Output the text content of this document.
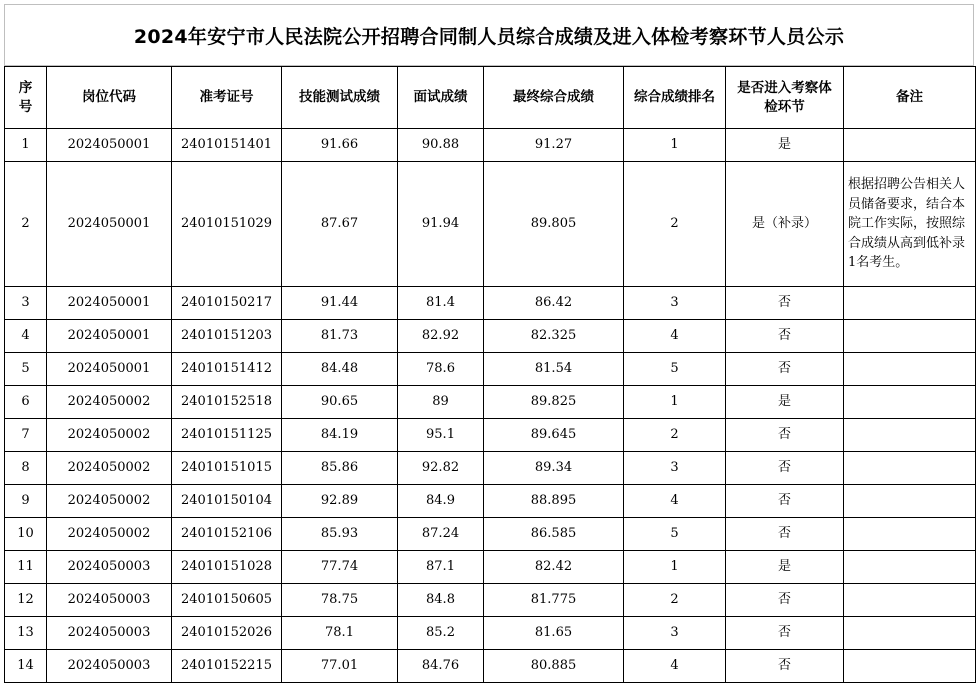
2024年安宁市人民法院公开招聘合同制人员综合成绩及进入体检考察环节人员公示
序号	岗位代码	准考证号	技能测试成绩	面试成绩	最终综合成绩	综合成绩排名	是否进入考察体检环节	备注
1	2024050001	24010151401	91.66	90.88	91.27	1	是	
2	2024050001	24010151029	87.67	91.94	89.805	2	是（补录）	根据招聘公告相关人员储备要求，结合本院工作实际，按照综合成绩从高到低补录1名考生。
3	2024050001	24010150217	91.44	81.4	86.42	3	否	
4	2024050001	24010151203	81.73	82.92	82.325	4	否	
5	2024050001	24010151412	84.48	78.6	81.54	5	否	
6	2024050002	24010152518	90.65	89	89.825	1	是	
7	2024050002	24010151125	84.19	95.1	89.645	2	否	
8	2024050002	24010151015	85.86	92.82	89.34	3	否	
9	2024050002	24010150104	92.89	84.9	88.895	4	否	
10	2024050002	24010152106	85.93	87.24	86.585	5	否	
11	2024050003	24010151028	77.74	87.1	82.42	1	是	
12	2024050003	24010150605	78.75	84.8	81.775	2	否	
13	2024050003	24010152026	78.1	85.2	81.65	3	否	
14	2024050003	24010152215	77.01	84.76	80.885	4	否	
